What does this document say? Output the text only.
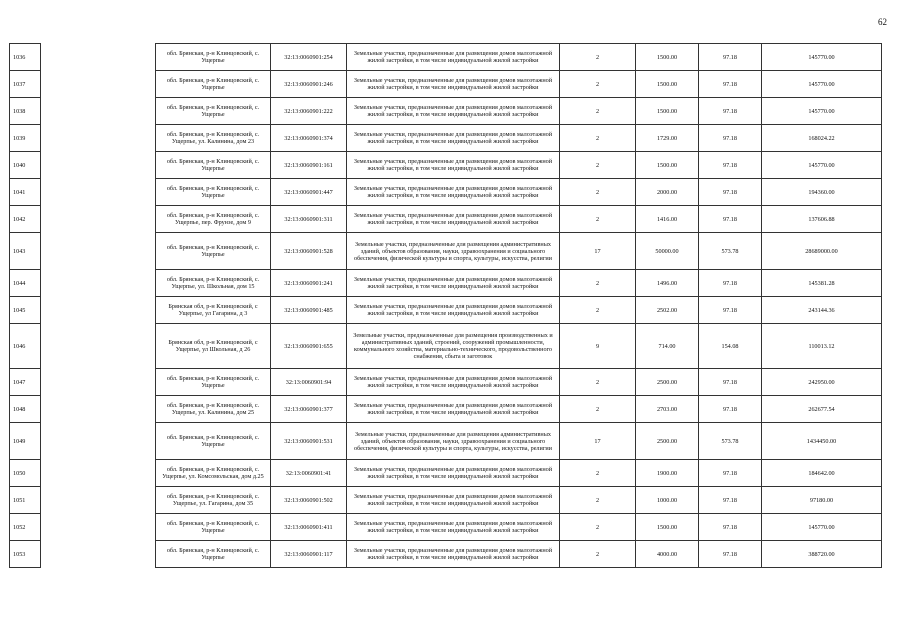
62
1036		обл. Брянская, р-н Клинцовский, с. Ущерпье	32:13:0060901:254	Земельные участки, предназначенные для размещения домов малоэтажной жилой застройки, в том числе индивидуальной жилой застройки	2	1500.00	97.18	145770.00
1037		обл. Брянская, р-н Клинцовский, с. Ущерпье	32:13:0060901:246	Земельные участки, предназначенные для размещения домов малоэтажной жилой застройки, в том числе индивидуальной жилой застройки	2	1500.00	97.18	145770.00
1038		обл. Брянская, р-н Клинцовский, с. Ущерпье	32:13:0060901:222	Земельные участки, предназначенные для размещения домов малоэтажной жилой застройки, в том числе индивидуальной жилой застройки	2	1500.00	97.18	145770.00
1039		обл. Брянская, р-н Клинцовский, с. Ущерпье, ул. Калинина, дом 23	32:13:0060901:374	Земельные участки, предназначенные для размещения домов малоэтажной жилой застройки, в том числе индивидуальной жилой застройки	2	1729.00	97.18	168024.22
1040		обл. Брянская, р-н Клинцовский, с. Ущерпье	32:13:0060901:161	Земельные участки, предназначенные для размещения домов малоэтажной жилой застройки, в том числе индивидуальной жилой застройки	2	1500.00	97.18	145770.00
1041		обл. Брянская, р-н Клинцовский, с. Ущерпье	32:13:0060901:447	Земельные участки, предназначенные для размещения домов малоэтажной жилой застройки, в том числе индивидуальной жилой застройки	2	2000.00	97.18	194360.00
1042		обл. Брянская, р-н Клинцовский, с. Ущерпье, пер. Фрунзе, дом 9	32:13:0060901:311	Земельные участки, предназначенные для размещения домов малоэтажной жилой застройки, в том числе индивидуальной жилой застройки	2	1416.00	97.18	137606.88
1043		обл. Брянская, р-н Клинцовский, с. Ущерпье	32:13:0060901:528	Земельные участки, предназначенные для размещения административных зданий, объектов образования, науки, здравоохранения и социального обеспечения, физической культуры и спорта, культуры, искусства, религии	17	50000.00	573.78	28689000.00
1044		обл. Брянская, р-н Клинцовский, с. Ущерпье, ул. Школьная, дом 15	32:13:0060901:241	Земельные участки, предназначенные для размещения домов малоэтажной жилой застройки, в том числе индивидуальной жилой застройки	2	1496.00	97.18	145381.28
1045		Брянская обл, р-н Клинцовский, с Ущерпье, ул Гагарина, д 3	32:13:0060901:485	Земельные участки, предназначенные для размещения домов малоэтажной жилой застройки, в том числе индивидуальной жилой застройки	2	2502.00	97.18	243144.36
1046		Брянская обл, р-н Клинцовский, с Ущерпье, ул Школьная, д 26	32:13:0060901:655	Земельные участки, предназначенные для размещения производственных и административных зданий, строений, сооружений промышленности, коммунального хозяйства, материально-технического, продовольственного снабжения, сбыта и заготовок	9	714.00	154.08	110013.12
1047		обл. Брянская, р-н Клинцовский, с. Ущерпье	32:13:0060901:94	Земельные участки, предназначенные для размещения домов малоэтажной жилой застройки, в том числе индивидуальной жилой застройки	2	2500.00	97.18	242950.00
1048		обл. Брянская, р-н Клинцовский, с. Ущерпье, ул. Калинина, дом 25	32:13:0060901:377	Земельные участки, предназначенные для размещения домов малоэтажной жилой застройки, в том числе индивидуальной жилой застройки	2	2703.00	97.18	262677.54
1049		обл. Брянская, р-н Клинцовский, с. Ущерпье	32:13:0060901:531	Земельные участки, предназначенные для размещения административных зданий, объектов образования, науки, здравоохранения и социального обеспечения, физической культуры и спорта, культуры, искусства, религии	17	2500.00	573.78	1434450.00
1050		обл. Брянская, р-н Клинцовский, с. Ущерпье, ул. Комсомольская, дом д.25	32:13:0060901:41	Земельные участки, предназначенные для размещения домов малоэтажной жилой застройки, в том числе индивидуальной жилой застройки	2	1900.00	97.18	184642.00
1051		обл. Брянская, р-н Клинцовский, с. Ущерпье, ул. Гагарина, дом 35	32:13:0060901:502	Земельные участки, предназначенные для размещения домов малоэтажной жилой застройки, в том числе индивидуальной жилой застройки	2	1000.00	97.18	97180.00
1052		обл. Брянская, р-н Клинцовский, с. Ущерпье	32:13:0060901:411	Земельные участки, предназначенные для размещения домов малоэтажной жилой застройки, в том числе индивидуальной жилой застройки	2	1500.00	97.18	145770.00
1053		обл. Брянская, р-н Клинцовский, с. Ущерпье	32:13:0060901:117	Земельные участки, предназначенные для размещения домов малоэтажной жилой застройки, в том числе индивидуальной жилой застройки	2	4000.00	97.18	388720.00
